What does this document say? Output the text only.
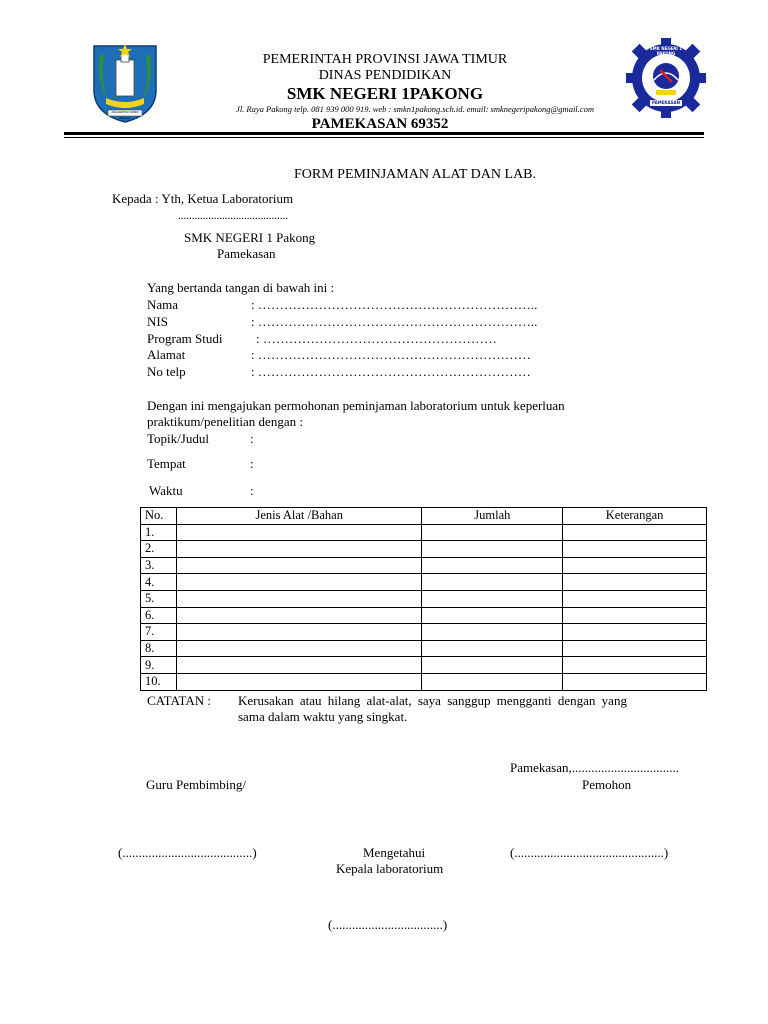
ANGGAREKSO KUBRO BIKSOKO
SMK NEGERI 1 PAKONG
PAMEKASAN
PEMERINTAH PROVINSI JAWA TIMUR
DINAS PENDIDIKAN
SMK NEGERI 1PAKONG
Jl. Raya Pakong telp. 081 939 000 919. web : smkn1pakong.sch.id. email: smknegeripakong@gmail.com
PAMEKASAN 69352
FORM PEMINJAMAN ALAT DAN LAB.
Kepada : Yth, Ketua Laboratorium
........................................
SMK NEGERI 1 Pakong
Pamekasan
Yang bertanda tangan di bawah ini :
Nama	: ………………………………………………………..
NIS	: ………………………………………………………..
Program Studi	: ………………………………………………
Alamat	: ………………………………………………………
No telp	: ………………………………………………………
Dengan ini mengajukan permohonan peminjaman laboratorium untuk keperluan
praktikum/penelitian dengan :
Topik/Judul	:
Tempat	:
Waktu	:
No.	Jenis Alat /Bahan	Jumlah	Keterangan
1.			
2.			
3.			
4.			
5.			
6.			
7.			
8.			
9.			
10.			
CATATAN : Kerusakan atau hilang alat-alat, saya sanggup mengganti dengan yang
sama dalam waktu yang singkat.
Pamekasan,.................................
Guru Pembimbing/	Pemohon
(........................................)	Mengetahui	(..............................................)
Kepala laboratorium
(..................................)
